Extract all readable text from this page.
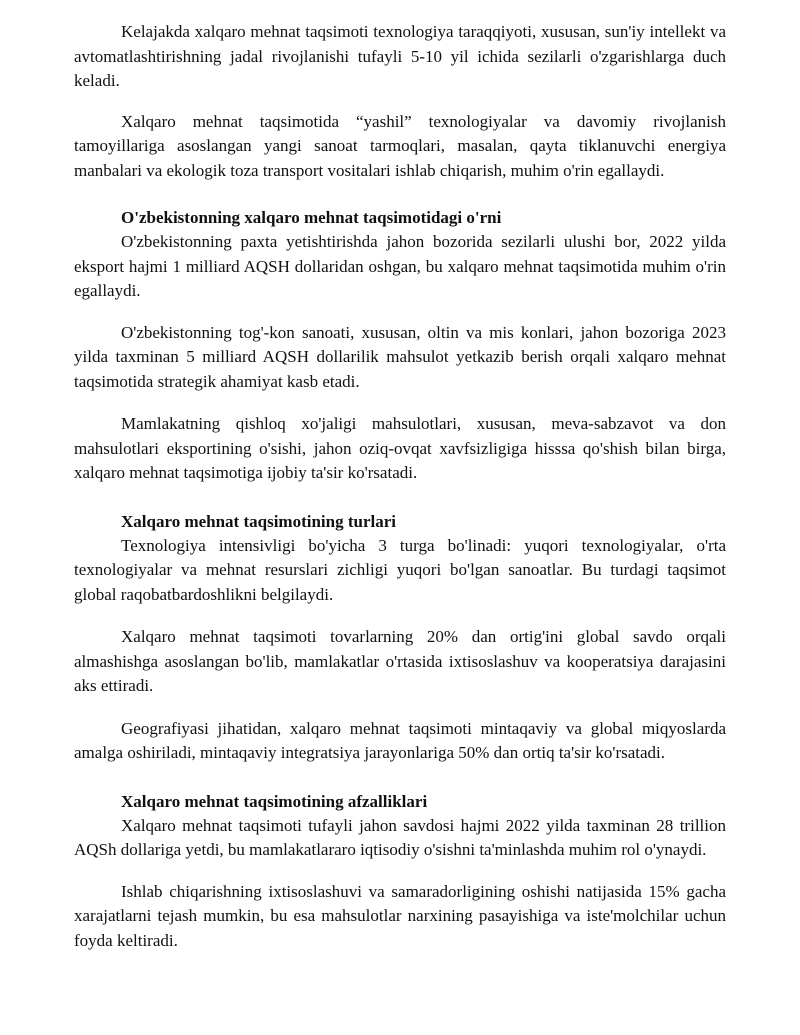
Kelajakda xalqaro mehnat taqsimoti texnologiya taraqqiyoti, xususan, sun'iy intellekt va avtomatlashtirishning jadal rivojlanishi tufayli 5-10 yil ichida sezilarli o'zgarishlarga duch keladi.

Xalqaro mehnat taqsimotida “yashil” texnologiyalar va davomiy rivojlanish tamoyillariga asoslangan yangi sanoat tarmoqlari, masalan, qayta tiklanuvchi energiya manbalari va ekologik toza transport vositalari ishlab chiqarish, muhim o'rin egallaydi.

O'zbekistonning xalqaro mehnat taqsimotidagi o'rni

O'zbekistonning paxta yetishtirishda jahon bozorida sezilarli ulushi bor, 2022 yilda eksport hajmi 1 milliard AQSH dollaridan oshgan, bu xalqaro mehnat taqsimotida muhim o'rin egallaydi.

O'zbekistonning tog'-kon sanoati, xususan, oltin va mis konlari, jahon bozoriga 2023 yilda taxminan 5 milliard AQSH dollarilik mahsulot yetkazib berish orqali xalqaro mehnat taqsimotida strategik ahamiyat kasb etadi.

Mamlakatning qishloq xo'jaligi mahsulotlari, xususan, meva-sabzavot va don mahsulotlari eksportining o'sishi, jahon oziq-ovqat xavfsizligiga hisssa qo'shish bilan birga, xalqaro mehnat taqsimotiga ijobiy ta'sir ko'rsatadi.

Xalqaro mehnat taqsimotining turlari

Texnologiya intensivligi bo'yicha 3 turga bo'linadi: yuqori texnologiyalar, o'rta texnologiyalar va mehnat resurslari zichligi yuqori bo'lgan sanoatlar. Bu turdagi taqsimot global raqobatbardoshlikni belgilaydi.

Xalqaro mehnat taqsimoti tovarlarning 20% dan ortig'ini global savdo orqali almashishga asoslangan bo'lib, mamlakatlar o'rtasida ixtisoslashuv va kooperatsiya darajasini aks ettiradi.

Geografiyasi jihatidan, xalqaro mehnat taqsimoti mintaqaviy va global miqyoslarda amalga oshiriladi, mintaqaviy integratsiya jarayonlariga 50% dan ortiq ta'sir ko'rsatadi.

Xalqaro mehnat taqsimotining afzalliklari

Xalqaro mehnat taqsimoti tufayli jahon savdosi hajmi 2022 yilda taxminan 28 trillion AQSh dollariga yetdi, bu mamlakatlararo iqtisodiy o'sishni ta'minlashda muhim rol o'ynaydi.

Ishlab chiqarishning ixtisoslashuvi va samaradorligining oshishi natijasida 15% gacha xarajatlarni tejash mumkin, bu esa mahsulotlar narxining pasayishiga va iste'molchilar uchun foyda keltiradi.
